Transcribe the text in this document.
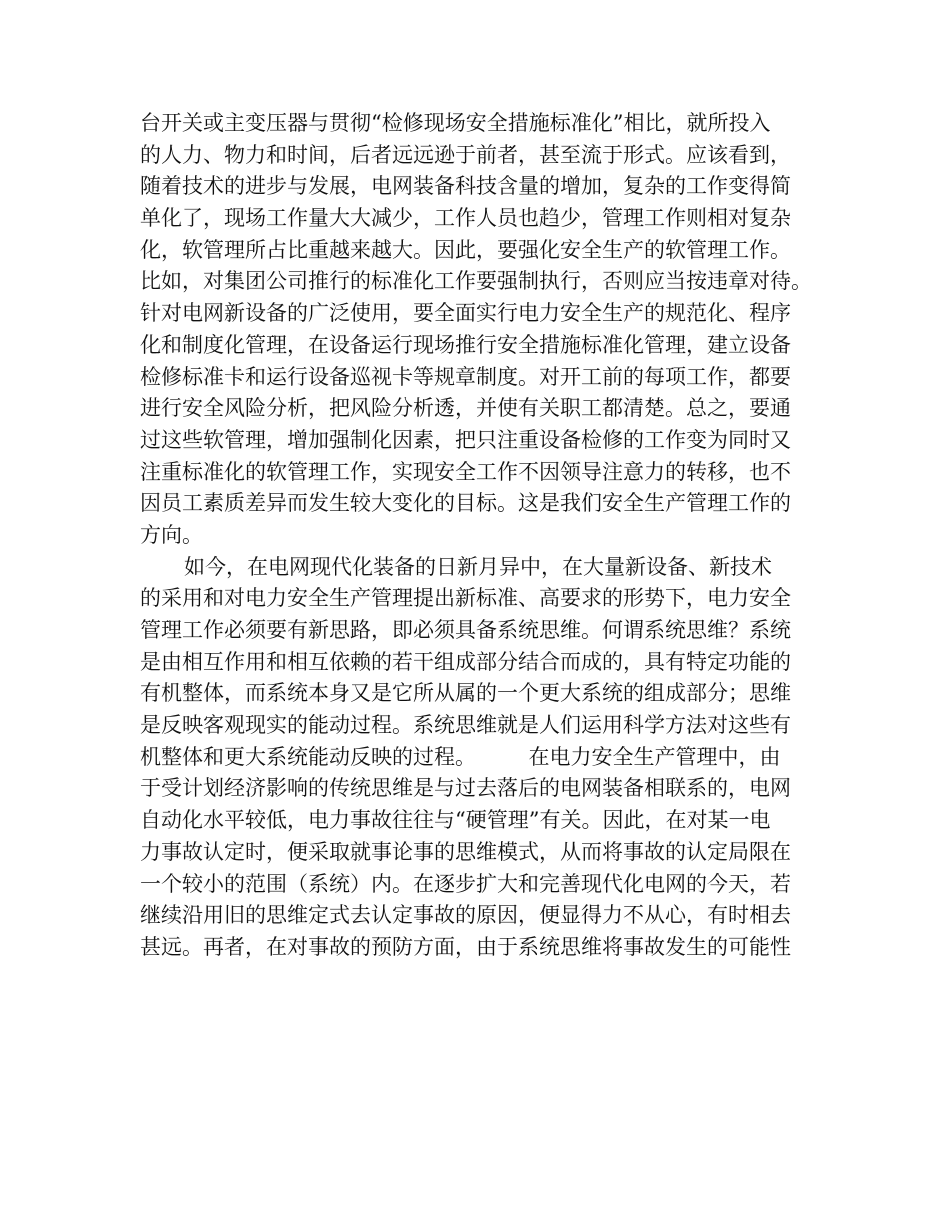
台开关或主变压器与贯彻“检修现场安全措施标准化”相比，就所投入
的人力、物力和时间，后者远远逊于前者，甚至流于形式。应该看到，
随着技术的进步与发展，电网装备科技含量的增加，复杂的工作变得简
单化了，现场工作量大大减少，工作人员也趋少，管理工作则相对复杂
化，软管理所占比重越来越大。因此，要强化安全生产的软管理工作。
比如，对集团公司推行的标准化工作要强制执行，否则应当按违章对待。
针对电网新设备的广泛使用，要全面实行电力安全生产的规范化、程序
化和制度化管理，在设备运行现场推行安全措施标准化管理，建立设备
检修标准卡和运行设备巡视卡等规章制度。对开工前的每项工作，都要
进行安全风险分析，把风险分析透，并使有关职工都清楚。总之，要通
过这些软管理，增加强制化因素，把只注重设备检修的工作变为同时又
注重标准化的软管理工作，实现安全工作不因领导注意力的转移，也不
因员工素质差异而发生较大变化的目标。这是我们安全生产管理工作的
方向。
如今，在电网现代化装备的日新月异中，在大量新设备、新技术
的采用和对电力安全生产管理提出新标准、高要求的形势下，电力安全
管理工作必须要有新思路，即必须具备系统思维。何谓系统思维？系统
是由相互作用和相互依赖的若干组成部分结合而成的，具有特定功能的
有机整体，而系统本身又是它所从属的一个更大系统的组成部分；思维
是反映客观现实的能动过程。系统思维就是人们运用科学方法对这些有
机整体和更大系统能动反映的过程。　　　在电力安全生产管理中，由
于受计划经济影响的传统思维是与过去落后的电网装备相联系的，电网
自动化水平较低，电力事故往往与“硬管理”有关。因此，在对某一电
力事故认定时，便采取就事论事的思维模式，从而将事故的认定局限在
一个较小的范围（系统）内。在逐步扩大和完善现代化电网的今天，若
继续沿用旧的思维定式去认定事故的原因，便显得力不从心，有时相去
甚远。再者，在对事故的预防方面，由于系统思维将事故发生的可能性
